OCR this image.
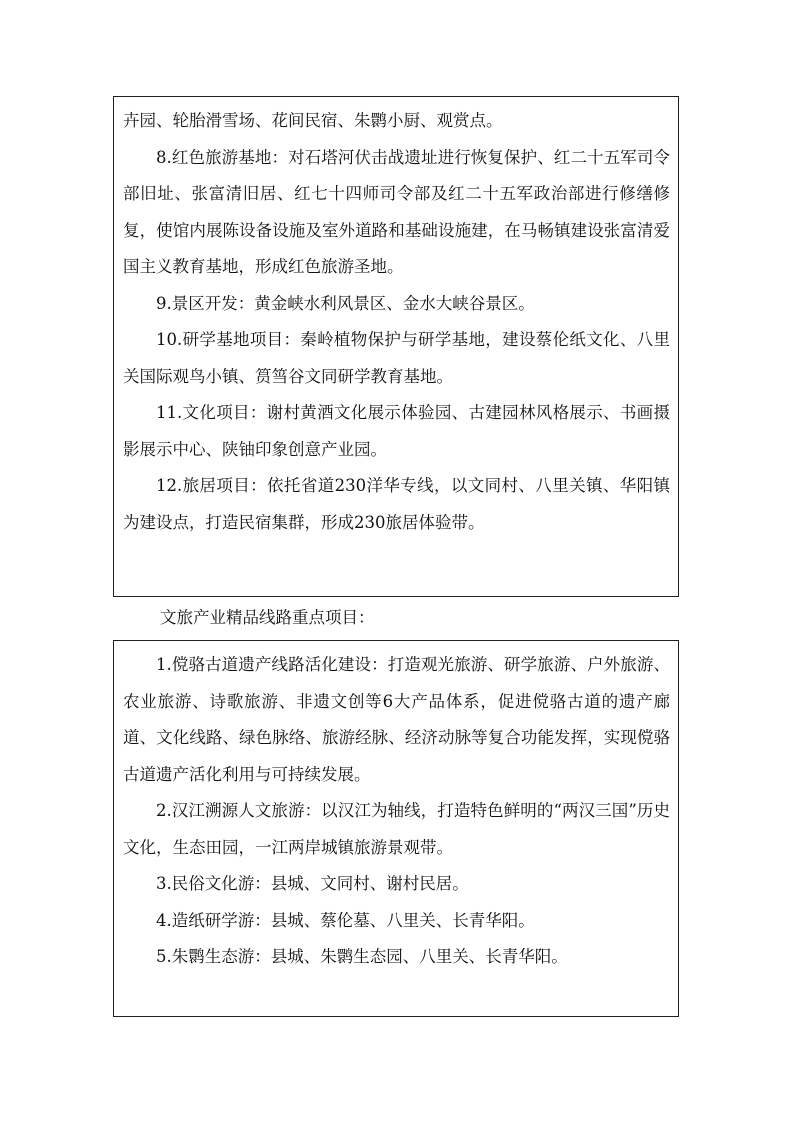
卉园、轮胎滑雪场、花间民宿、朱鹮小厨、观赏点。

8.红色旅游基地：对石塔河伏击战遗址进行恢复保护、红二十五军司令部旧址、张富清旧居、红七十四师司令部及红二十五军政治部进行修缮修复，使馆内展陈设备设施及室外道路和基础设施建，在马畅镇建设张富清爱国主义教育基地，形成红色旅游圣地。

9.景区开发：黄金峡水利风景区、金水大峡谷景区。

10.研学基地项目：秦岭植物保护与研学基地，建设蔡伦纸文化、八里关国际观鸟小镇、筼筜谷文同研学教育基地。

11.文化项目：谢村黄酒文化展示体验园、古建园林风格展示、书画摄影展示中心、陕铀印象创意产业园。

12.旅居项目：依托省道230洋华专线，以文同村、八里关镇、华阳镇为建设点，打造民宿集群，形成230旅居体验带。

文旅产业精品线路重点项目：

1.傥骆古道遗产线路活化建设：打造观光旅游、研学旅游、户外旅游、农业旅游、诗歌旅游、非遗文创等6大产品体系，促进傥骆古道的遗产廊道、文化线路、绿色脉络、旅游经脉、经济动脉等复合功能发挥，实现傥骆古道遗产活化利用与可持续发展。

2.汉江溯源人文旅游：以汉江为轴线，打造特色鲜明的“两汉三国”历史文化，生态田园，一江两岸城镇旅游景观带。

3.民俗文化游：县城、文同村、谢村民居。

4.造纸研学游：县城、蔡伦墓、八里关、长青华阳。

5.朱鹮生态游：县城、朱鹮生态园、八里关、长青华阳。
